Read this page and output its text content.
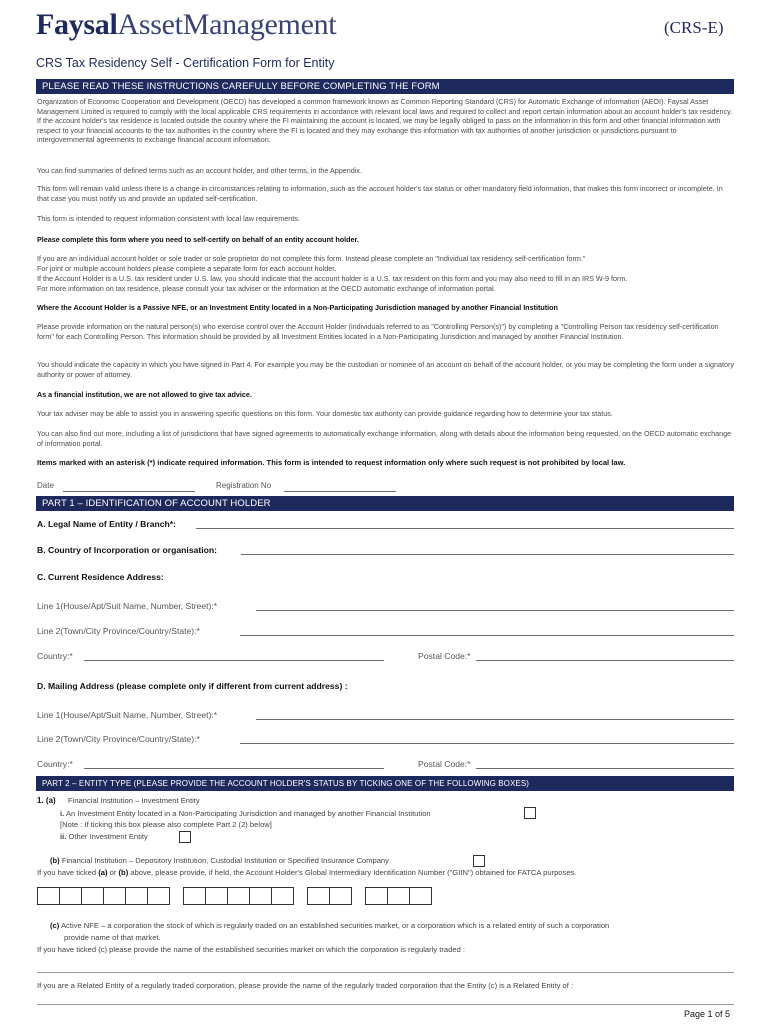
FaysalAssetManagement	(CRS-E)
CRS Tax Residency Self - Certification Form for Entity
PLEASE READ THESE INSTRUCTIONS CAREFULLY BEFORE COMPLETING THE FORM
Organization of Economic Cooperation and Development (OECD) has developed a common framework known as Common Reporting Standard (CRS) for Automatic Exchange of information (AEOI). Faysal Asset Management Limited is required to comply with the local applicable CRS requirements in accordance with relevant local laws and required to collect and report certain information about an account holder's tax residency. If the account holder's tax residence is located outside the country where the FI maintaining the account is located, we may be legally obliged to pass on the information in this form and other financial information with respect to your financial accounts to the tax authorities in the country where the FI is located and they may exchange this information with tax authorities of another jurisdiction or jurisdictions pursuant to intergovernmental agreements to exchange financial account information.
You can find summaries of defined terms such as an account holder, and other terms, in the Appendix.
This form will remain valid unless there is a change in circumstances relating to information, such as the account holder's tax status or other mandatory field information, that makes this form incorrect or incomplete. In that case you must notify us and provide an updated self-certification.
This form is intended to request information consistent with local law requirements.
Please complete this form where you need to self-certify on behalf of an entity account holder.
If you are an individual account holder or sole trader or sole proprietor do not complete this form. Instead please complete an "Individual tax residency self-certification form."
For joint or multiple account holders please complete a separate form for each account holder.
If the Account Holder is a U.S. tax resident under U.S. law, you should indicate that the account holder is a U.S. tax resident on this form and you may also need to fill in an IRS W-9 form.
For more information on tax residence, please consult your tax adviser or the information at the OECD automatic exchange of information portal.
Where the Account Holder is a Passive NFE, or an Investment Entity located in a Non-Participating Jurisdiction managed by another Financial Institution
Please provide information on the natural person(s) who exercise control over the Account Holder (individuals referred to as "Controlling Person(s)") by completing a "Controlling Person tax residency self-certification form" for each Controlling Person. This information should be provided by all Investment Entities located in a Non-Participating Jurisdiction and managed by another Financial Institution.
You should indicate the capacity in which you have signed in Part 4. For example you may be the custodian or nominee of an account on behalf of the account holder, or you may be completing the form under a signatory authority or power of attorney.
As a financial institution, we are not allowed to give tax advice.
Your tax adviser may be able to assist you in answering specific questions on this form. Your domestic tax authority can provide guidance regarding how to determine your tax status.
You can also find out more, including a list of jurisdictions that have signed agreements to automatically exchange information, along with details about the information being requested, on the OECD automatic exchange of information portal.
Items marked with an asterisk (*) indicate required information. This form is intended to request information only where such request is not prohibited by local law.
Date	Registration No
PART 1 – IDENTIFICATION OF ACCOUNT HOLDER
A. Legal Name of Entity / Branch*:
B. Country of Incorporation or organisation:
C. Current Residence Address:
Line 1(House/Apt/Suit Name, Number, Street):*
Line 2(Town/City Province/Country/State):*
Country:*	Postal Code:*
D. Mailing Address (please complete only if different from current address) :
Line 1(House/Apt/Suit Name, Number, Street):*
Line 2(Town/City Province/Country/State):*
Country:*	Postal Code:*
PART 2 – ENTITY TYPE (PLEASE PROVIDE THE ACCOUNT HOLDER'S STATUS BY TICKING ONE OF THE FOLLOWING BOXES)
1. (a) Financial Institution – Investment Entity
i. An Investment Entity located in a Non-Participating Jurisdiction and managed by another Financial Institution
[Note : If ticking this box please also complete Part 2 (2) below]
ii. Other Investment Entity
(b) Financial Institution – Depository Institution, Custodial Institution or Specified Insurance Company
If you have ticked (a) or (b) above, please provide, if held, the Account Holder's Global Intermediary Identification Number ("GIIN") obtained for FATCA purposes.
(c) Active NFE – a corporation the stock of which is regularly traded on an established securities market, or a corporation which is a related entity of such a corporation
provide name of that market.
If you have ticked (c) please provide the name of the established securities market on which the corporation is regularly traded :
If you are a Related Entity of a regularly traded corporation, please provide the name of the regularly traded corporation that the Entity (c) is a Related Entity of :
Page 1 of 5
